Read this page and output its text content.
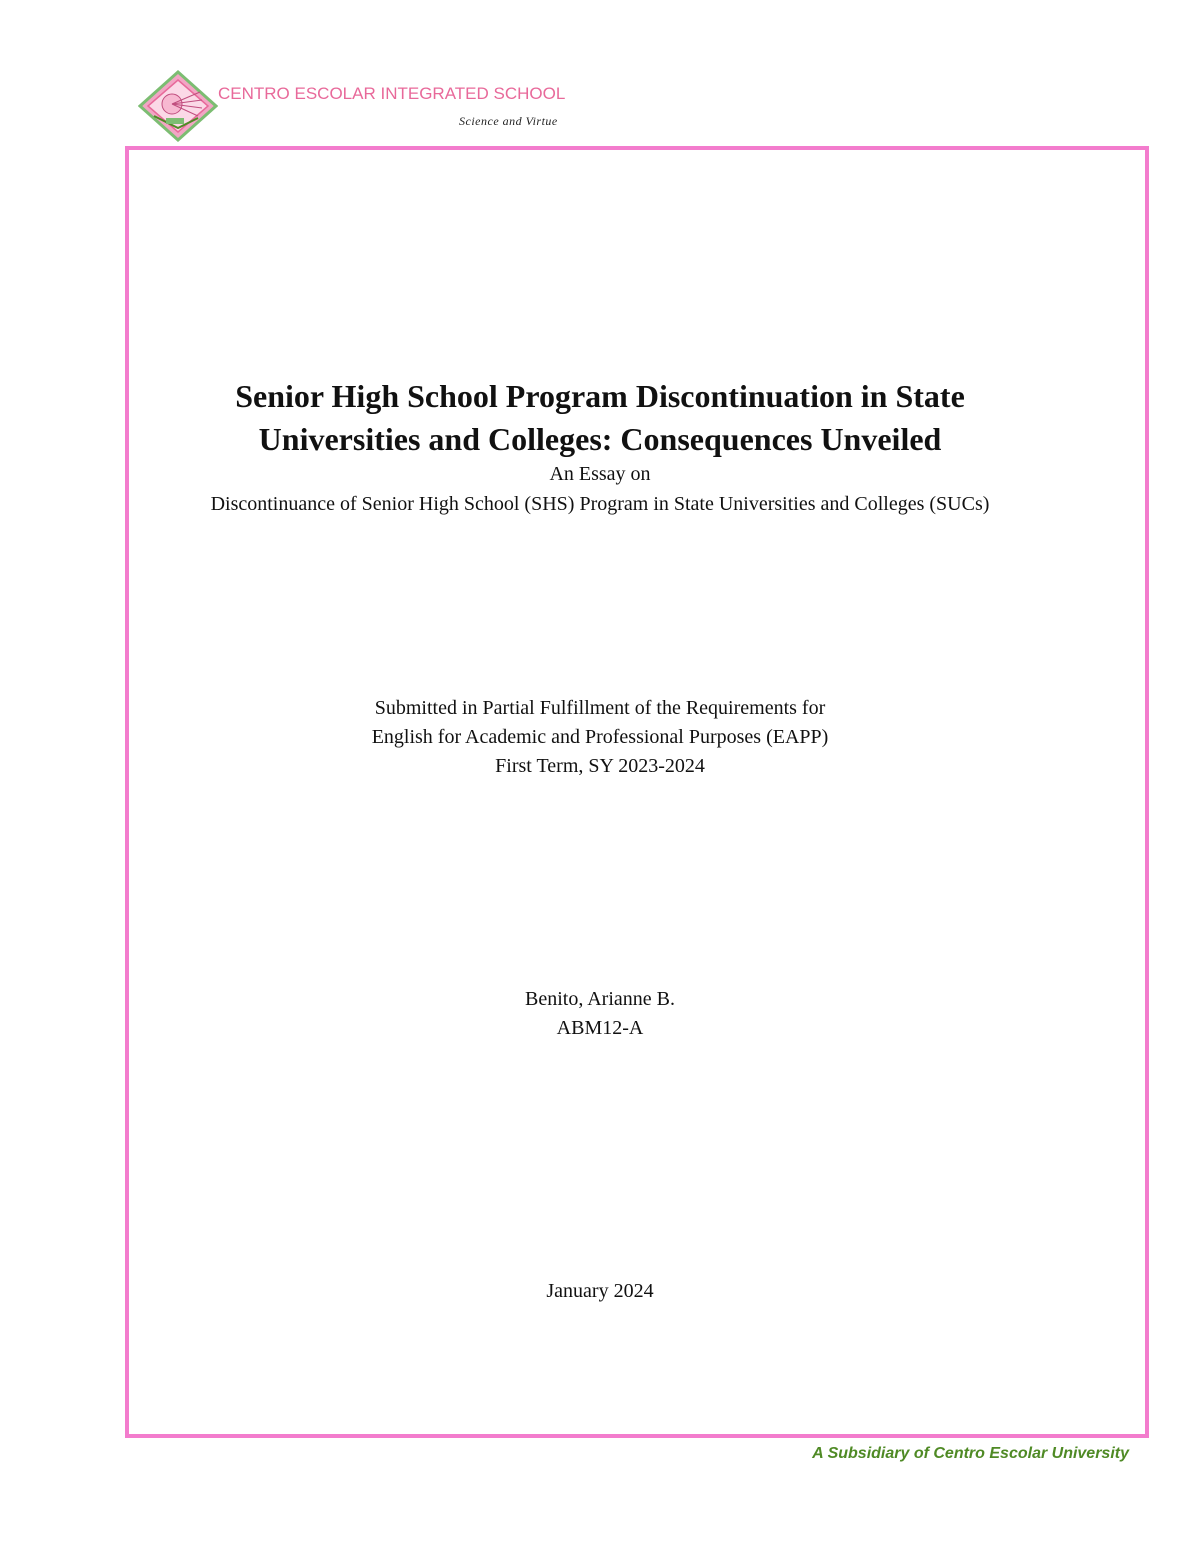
CENTRO ESCOLAR INTEGRATED SCHOOL
Science and Virtue
Senior High School Program Discontinuation in State
Universities and Colleges: Consequences Unveiled
An Essay on
Discontinuance of Senior High School (SHS) Program in State Universities and Colleges (SUCs)
Submitted in Partial Fulfillment of the Requirements for
English for Academic and Professional Purposes (EAPP)
First Term, SY 2023-2024
Benito, Arianne B.
ABM12-A
January 2024
A Subsidiary of Centro Escolar University
